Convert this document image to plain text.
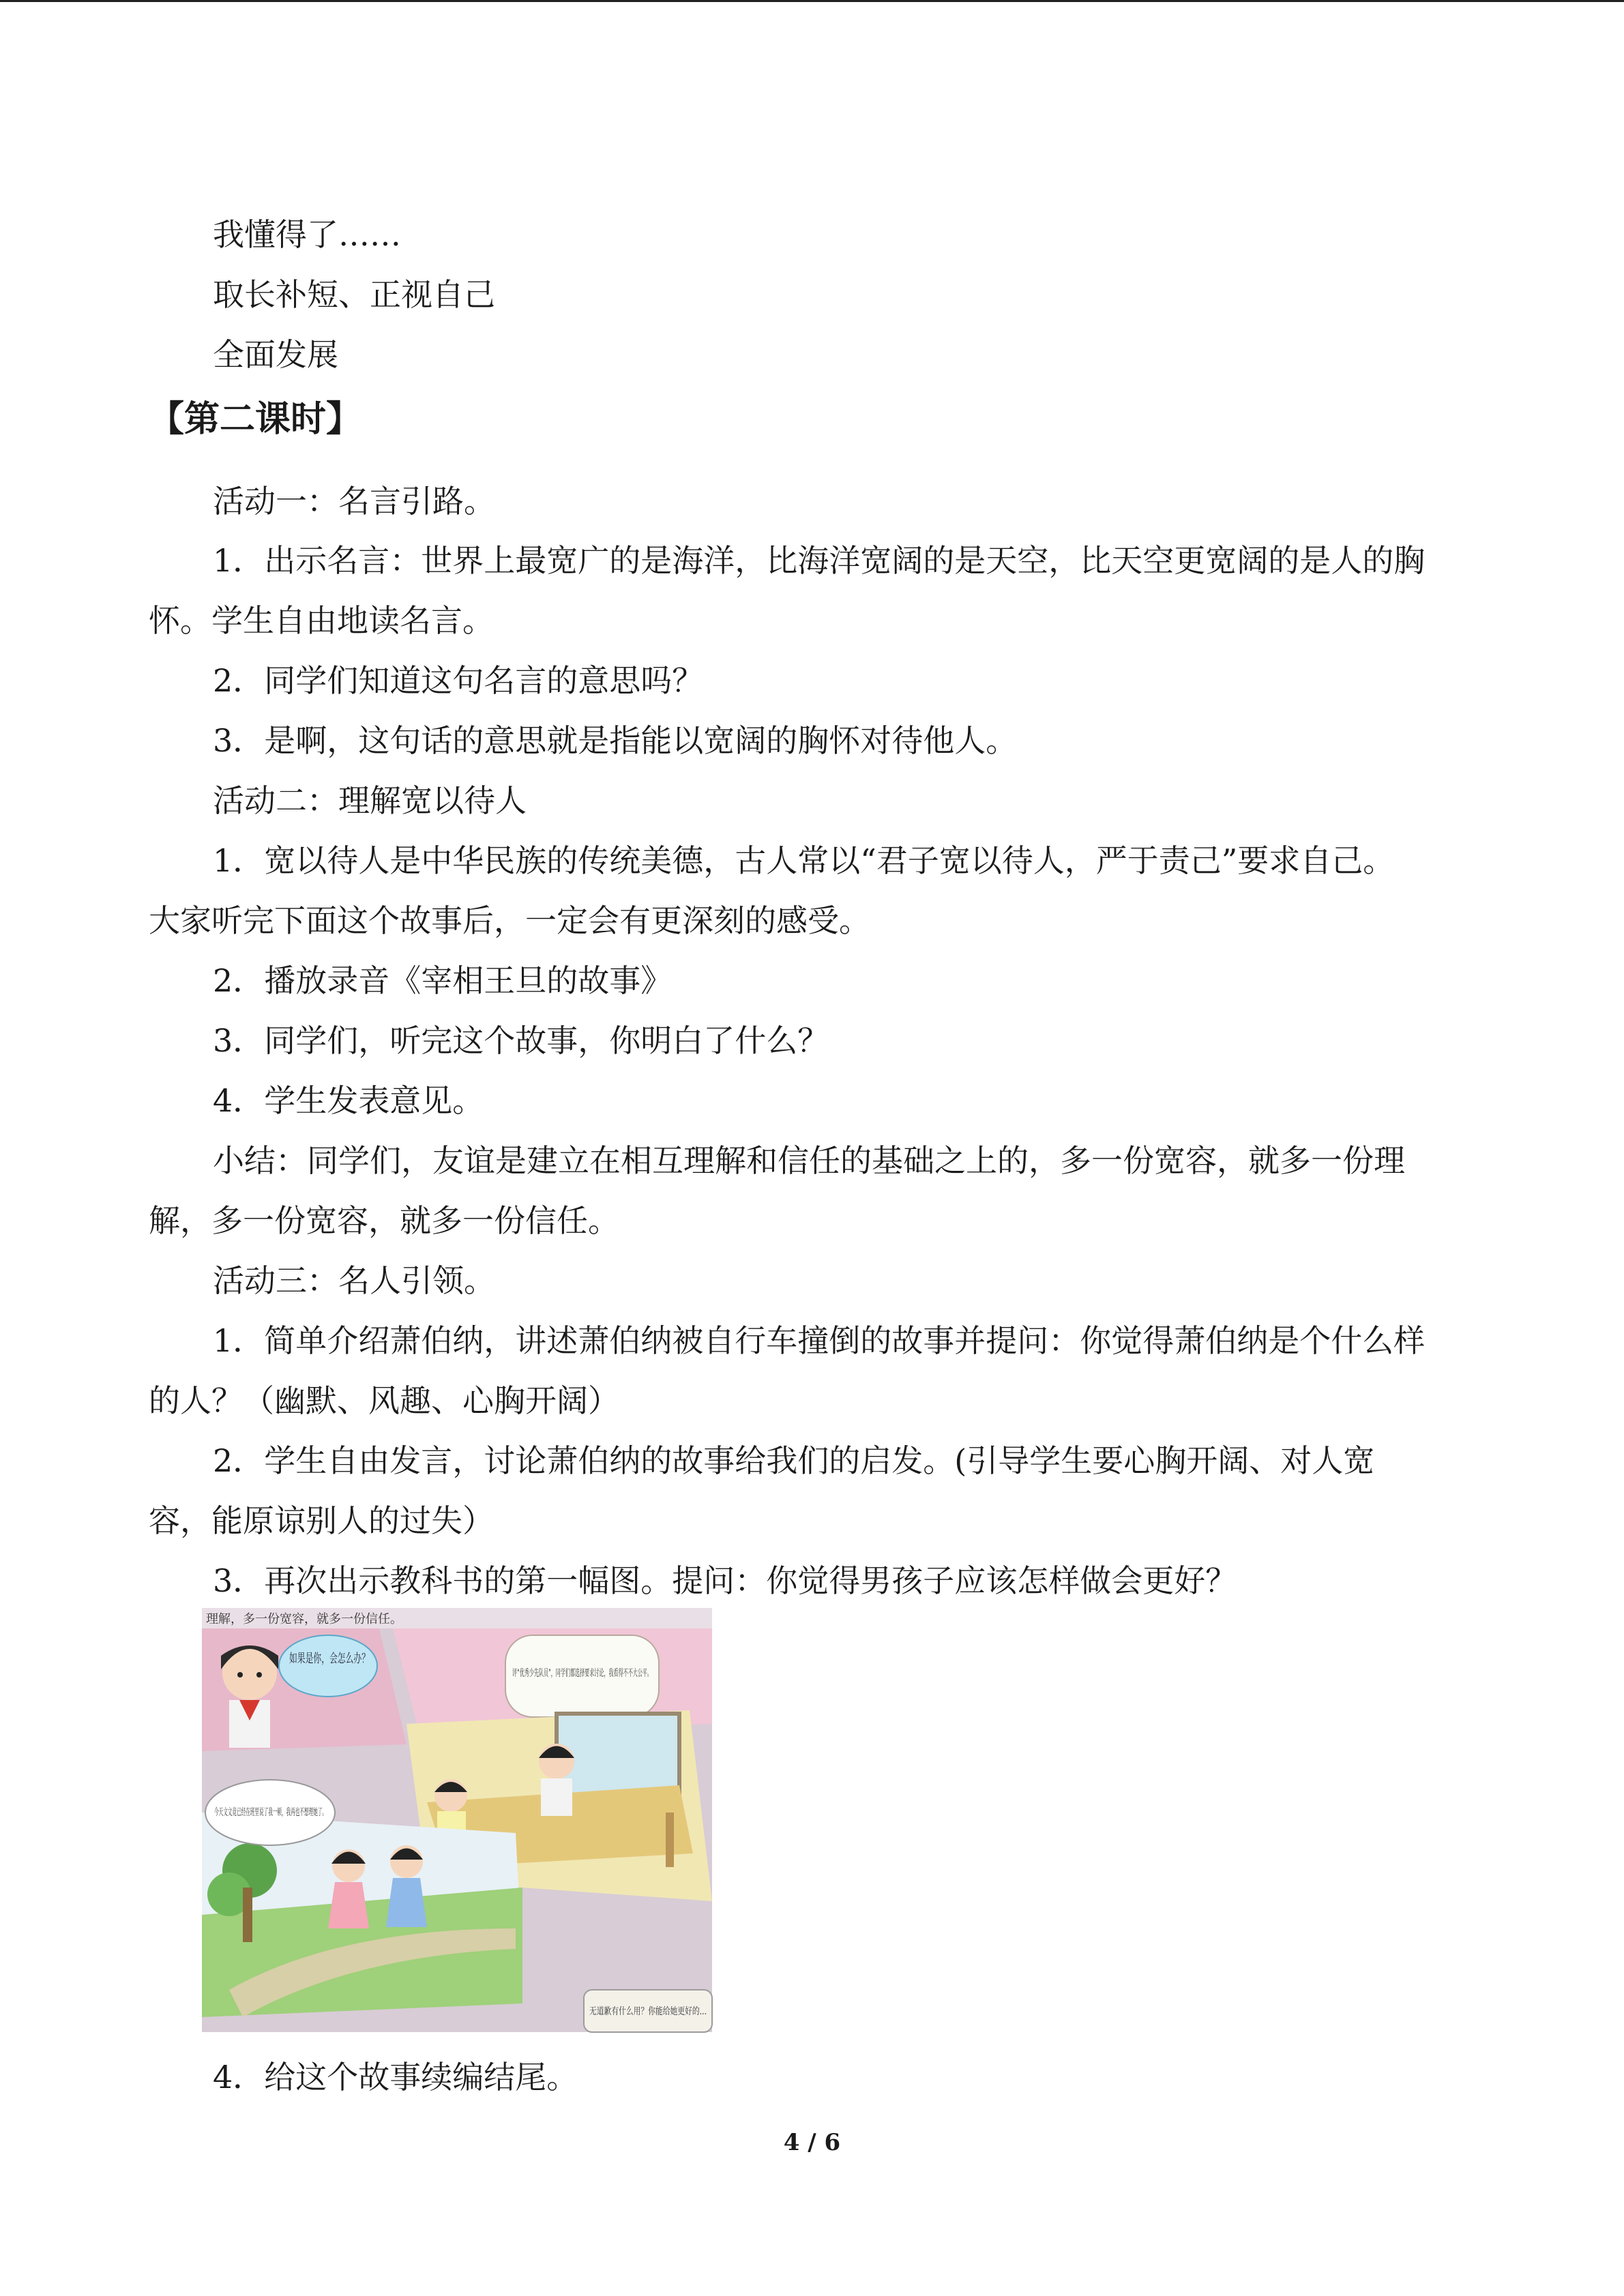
我懂得了……
取长补短、正视自己
全面发展
【第二课时】
活动一：名言引路。
1．出示名言：世界上最宽广的是海洋，比海洋宽阔的是天空，比天空更宽阔的是人的胸
怀。学生自由地读名言。
2．同学们知道这句名言的意思吗？
3．是啊，这句话的意思就是指能以宽阔的胸怀对待他人。
活动二：理解宽以待人
1．宽以待人是中华民族的传统美德，古人常以“君子宽以待人，严于责己”要求自己。
大家听完下面这个故事后，一定会有更深刻的感受。
2．播放录音《宰相王旦的故事》
3．同学们，听完这个故事，你明白了什么？
4．学生发表意见。
小结：同学们，友谊是建立在相互理解和信任的基础之上的，多一份宽容，就多一份理
解，多一份宽容，就多一份信任。
活动三：名人引领。
1．简单介绍萧伯纳，讲述萧伯纳被自行车撞倒的故事并提问：你觉得萧伯纳是个什么样
的人？（幽默、风趣、心胸开阔）
2．学生自由发言，讨论萧伯纳的故事给我们的启发。(引导学生要心胸开阔、对人宽
容，能原谅别人的过失）
3．再次出示教科书的第一幅图。提问：你觉得男孩子应该怎样做会更好？
理解，多一份宽容，就多一份信任。
如果是你，会怎么办？
评“优秀少先队员”，同学们都选择要求讨论，我看得不不大公平。
无道歉有什么用？你能给她更好的...
4．给这个故事续编结尾。
4 / 6
